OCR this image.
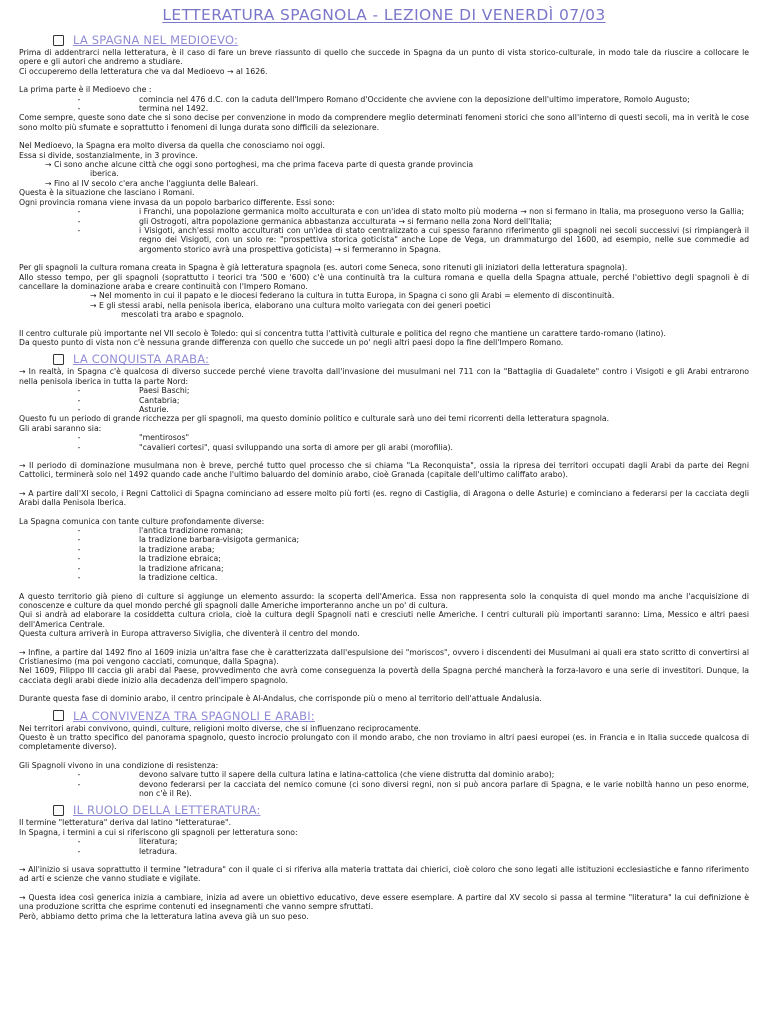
LETTERATURA SPAGNOLA - LEZIONE DI VENERDÌ 07/03
LA SPAGNA NEL MEDIOEVO:

Prima di addentrarci nella letteratura, è il caso di fare un breve riassunto di quello che succede in Spagna da un punto di vista storico-culturale, in modo tale da riuscire a collocare le opere e gli autori che andremo a studiare.

Ci occuperemo della letteratura che va dal Medioevo → al 1626.

La prima parte è il Medioevo che :

-	comincia nel 476 d.C. con la caduta dell'Impero Romano d'Occidente che avviene con la deposizione dell'ultimo imperatore, Romolo Augusto;
-	termina nel 1492.

Come sempre, queste sono date che si sono decise per convenzione in modo da comprendere meglio determinati fenomeni storici che sono all'interno di questi secoli, ma in verità le cose sono molto più sfumate e soprattutto i fenomeni di lunga durata sono difficili da selezionare.

Nel Medioevo, la Spagna era molto diversa da quella che conosciamo noi oggi.

Essa si divide, sostanzialmente, in 3 province.

→ Ci sono anche alcune città che oggi sono portoghesi, ma che prima faceva parte di questa grande provincia

iberica.

→ Fino al IV secolo c'era anche l'aggiunta delle Baleari.

Questa è la situazione che lasciano i Romani.

Ogni provincia romana viene invasa da un popolo barbarico differente. Essi sono:

-	i Franchi, una popolazione germanica molto acculturata e con un'idea di stato molto più moderna → non si fermano in Italia, ma proseguono verso la Gallia;
-	gli Ostrogoti, altra popolazione germanica abbastanza acculturata → si fermano nella zona Nord dell'Italia;
-	i Visigoti, anch'essi molto acculturati con un'idea di stato centralizzato a cui spesso faranno riferimento gli spagnoli nei secoli successivi (si rimpiangerà il regno dei Visigoti, con un solo re: "prospettiva storica goticista" anche Lope de Vega, un drammaturgo del 1600, ad esempio, nelle sue commedie ad argomento storico avrà una prospettiva goticista) → si fermeranno in Spagna.

Per gli spagnoli la cultura romana creata in Spagna è già letteratura spagnola (es. autori come Seneca, sono ritenuti gli iniziatori della letteratura spagnola).

Allo stesso tempo, per gli spagnoli (soprattutto i teorici tra '500 e '600) c'è una continuità tra la cultura romana e quella della Spagna attuale, perché l'obiettivo degli spagnoli è di cancellare la dominazione araba e creare continuità con l'Impero Romano.

→ Nel momento in cui il papato e le diocesi federano la cultura in tutta Europa, in Spagna ci sono gli Arabi = elemento di discontinuità.

→ E gli stessi arabi, nella penisola iberica, elaborano una cultura molto variegata con dei generi poetici

mescolati tra arabo e spagnolo.

Il centro culturale più importante nel VII secolo è Toledo: qui si concentra tutta l'attività culturale e politica del regno che mantiene un carattere tardo-romano (latino).

Da questo punto di vista non c'è nessuna grande differenza con quello che succede un po' negli altri paesi dopo la fine dell'Impero Romano.

LA CONQUISTA ARABA:

→ In realtà, in Spagna c'è qualcosa di diverso succede perché viene travolta dall'invasione dei musulmani nel 711 con la "Battaglia di Guadalete" contro i Visigoti e gli Arabi entrarono nella penisola iberica in tutta la parte Nord:

-	Paesi Baschi;
-	Cantabria;
-	Asturie.

Questo fu un periodo di grande ricchezza per gli spagnoli, ma questo dominio politico e culturale sarà uno dei temi ricorrenti della letteratura spagnola.

Gli arabi saranno sia:

-	"mentirosos"
-	"cavalieri cortesi", quasi sviluppando una sorta di amore per gli arabi (morofilia).

→ Il periodo di dominazione musulmana non è breve, perché tutto quel processo che si chiama "La Reconquista", ossia la ripresa dei territori occupati dagli Arabi da parte dei Regni Cattolici, terminerà solo nel 1492 quando cade anche l'ultimo baluardo del dominio arabo, cioè Granada (capitale dell'ultimo califfato arabo).

→ A partire dall'XI secolo, i Regni Cattolici di Spagna cominciano ad essere molto più forti (es. regno di Castiglia, di Aragona o delle Asturie) e cominciano a federarsi per la cacciata degli Arabi dalla Penisola Iberica.

La Spagna comunica con tante culture profondamente diverse:

-	l'antica tradizione romana;
-	la tradizione barbara-visigota germanica;
-	la tradizione araba;
-	la tradizione ebraica;
-	la tradizione africana;
-	la tradizione celtica.

A questo territorio già pieno di culture si aggiunge un elemento assurdo: la scoperta dell'America. Essa non rappresenta solo la conquista di quel mondo ma anche l'acquisizione di conoscenze e culture da quel mondo perché gli spagnoli dalle Americhe importeranno anche un po' di cultura.

Qui si andrà ad elaborare la cosiddetta cultura criola, cioè la cultura degli Spagnoli nati e cresciuti nelle Americhe. I centri culturali più importanti saranno: Lima, Messico e altri paesi dell'America Centrale.

Questa cultura arriverà in Europa attraverso Siviglia, che diventerà il centro del mondo.

→ Infine, a partire dal 1492 fino al 1609 inizia un'altra fase che è caratterizzata dall'espulsione dei "moriscos", ovvero i discendenti dei Musulmani ai quali era stato scritto di convertirsi al Cristianesimo (ma poi vengono cacciati, comunque, dalla Spagna).

Nel 1609, Filippo III caccia gli arabi dal Paese, provvedimento che avrà come conseguenza la povertà della Spagna perché mancherà la forza-lavoro e una serie di investitori. Dunque, la cacciata degli arabi diede inizio alla decadenza dell'impero spagnolo.

Durante questa fase di dominio arabo, il centro principale è Al-Andalus, che corrisponde più o meno al territorio dell'attuale Andalusia.

LA CONVIVENZA TRA SPAGNOLI E ARABI:

Nei territori arabi convivono, quindi, culture, religioni molto diverse, che si influenzano reciprocamente.

Questo è un tratto specifico del panorama spagnolo, questo incrocio prolungato con il mondo arabo, che non troviamo in altri paesi europei (es. in Francia e in Italia succede qualcosa di completamente diverso).

Gli Spagnoli vivono in una condizione di resistenza:

-	devono salvare tutto il sapere della cultura latina e latina-cattolica (che viene distrutta dal dominio arabo);
-	devono federarsi per la cacciata del nemico comune (ci sono diversi regni, non si può ancora parlare di Spagna, e le varie nobiltà hanno un peso enorme, non c'è il Re).
IL RUOLO DELLA LETTERATURA:

Il termine "letteratura" deriva dal latino "letteraturae".

In Spagna, i termini a cui si riferiscono gli spagnoli per letteratura sono:

-	literatura;
-	letradura.

→ All'inizio si usava soprattutto il termine "letradura" con il quale ci si riferiva alla materia trattata dai chierici, cioè coloro che sono legati alle istituzioni ecclesiastiche e fanno riferimento ad arti e scienze che vanno studiate e vigilate.

→ Questa idea così generica inizia a cambiare, inizia ad avere un obiettivo educativo, deve essere esemplare. A partire dal XV secolo si passa al termine "literatura" la cui definizione è una produzione scritta che esprime contenuti ed insegnamenti che vanno sempre sfruttati.

Però, abbiamo detto prima che la letteratura latina aveva già un suo peso.
